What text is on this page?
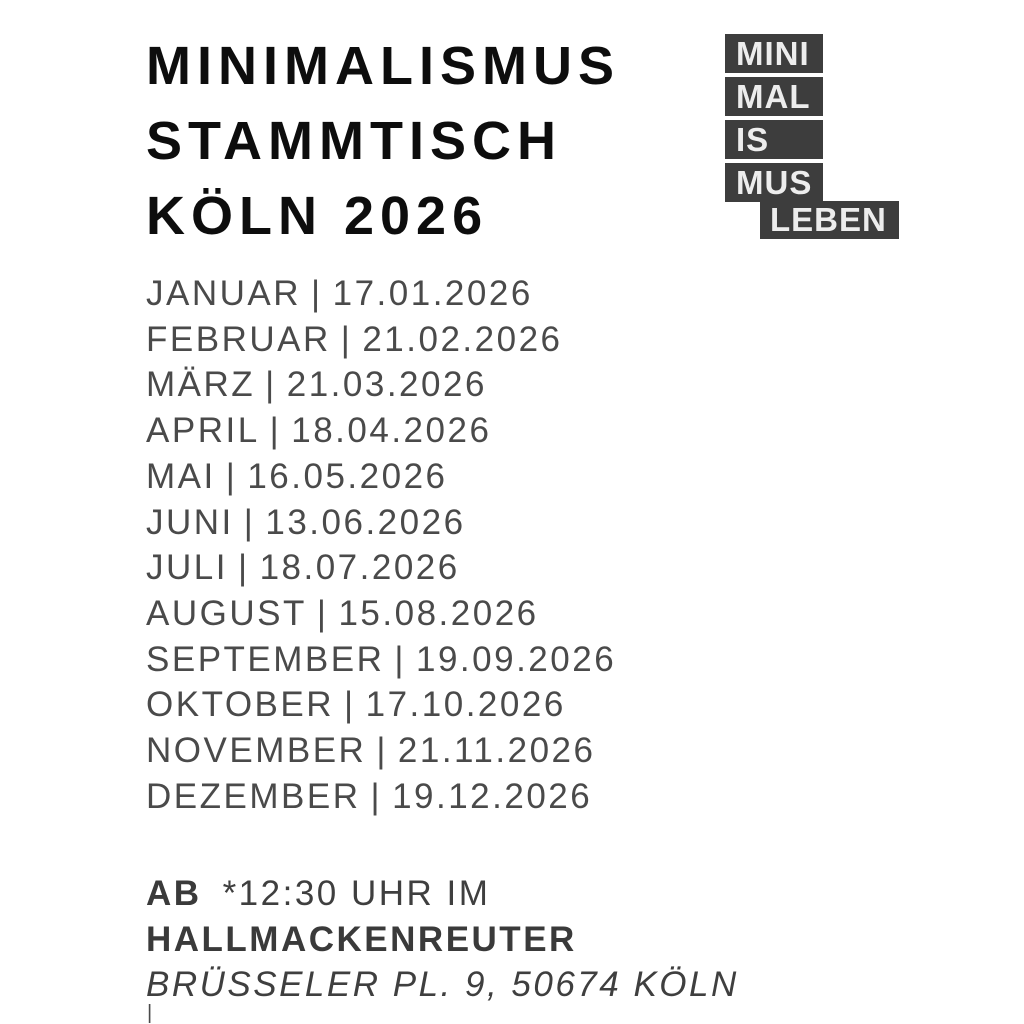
MINIMALISMUS
STAMMTISCH
KÖLN 2026
MINI
MAL
IS
MUS
LEBEN
JANUAR | 17.01.2026
FEBRUAR | 21.02.2026
MÄRZ | 21.03.2026
APRIL | 18.04.2026
MAI | 16.05.2026
JUNI | 13.06.2026
JULI | 18.07.2026
AUGUST | 15.08.2026
SEPTEMBER | 19.09.2026
OKTOBER | 17.10.2026
NOVEMBER | 21.11.2026
DEZEMBER | 19.12.2026
AB *12:30 UHR IM
HALLMACKENREUTER
BRÜSSELER PL. 9, 50674 KÖLN
|
